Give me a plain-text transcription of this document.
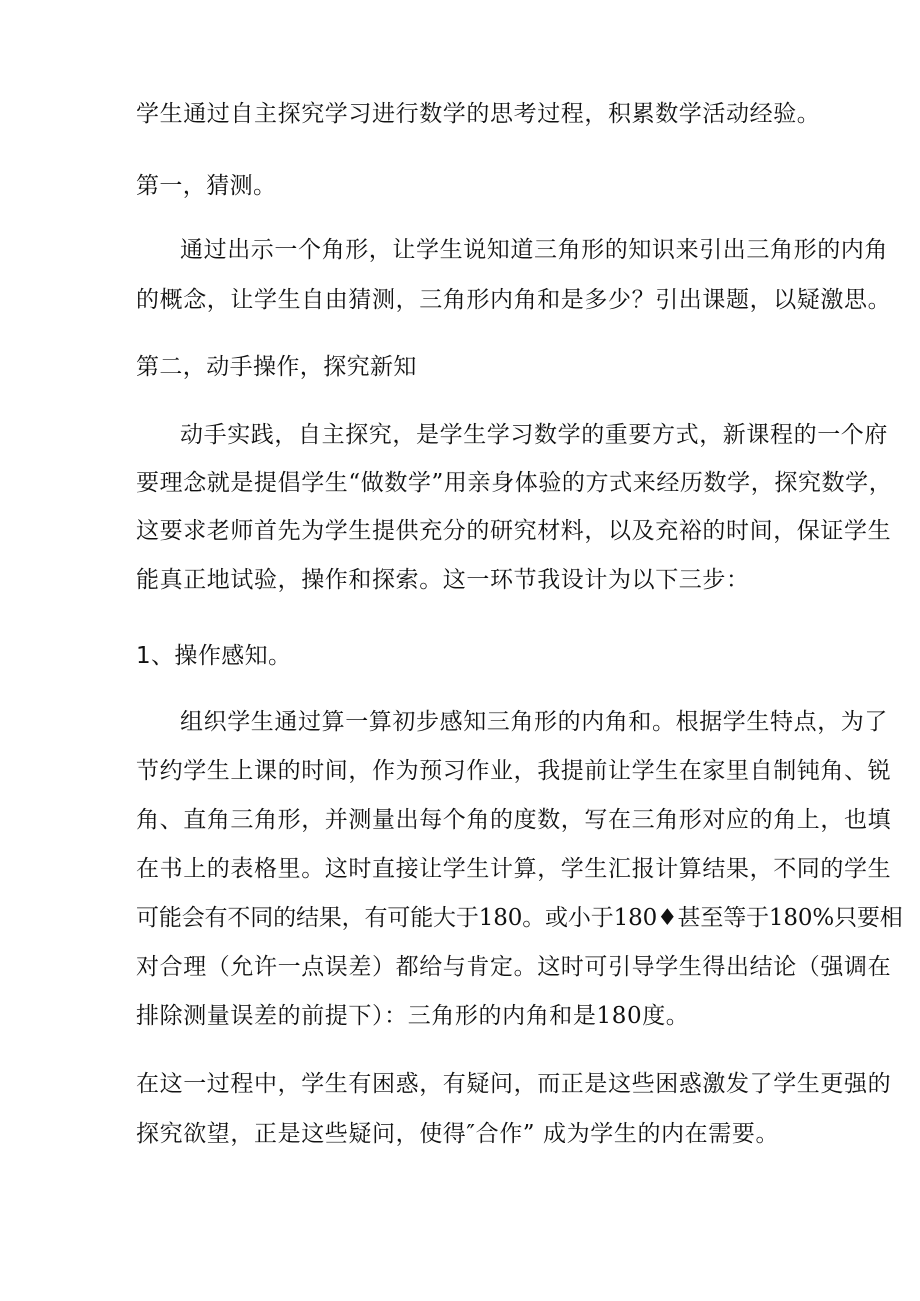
学生通过自主探究学习进行数学的思考过程，积累数学活动经验。
第一，猜测。
通过出示一个角形，让学生说知道三角形的知识来引出三角形的内角
的概念，让学生自由猜测，三角形内角和是多少？引出课题，以疑激思。
第二，动手操作，探究新知
动手实践，自主探究，是学生学习数学的重要方式，新课程的一个府
要理念就是提倡学生“做数学”用亲身体验的方式来经历数学，探究数学，
这要求老师首先为学生提供充分的研究材料，以及充裕的时间，保证学生
能真正地试验，操作和探索。这一环节我设计为以下三步：
1、操作感知。
组织学生通过算一算初步感知三角形的内角和。根据学生特点，为了
节约学生上课的时间，作为预习作业，我提前让学生在家里自制钝角、锐
角、直角三角形，并测量出每个角的度数，写在三角形对应的角上，也填
在书上的表格里。这时直接让学生计算，学生汇报计算结果，不同的学生
可能会有不同的结果，有可能大于180。或小于180♦甚至等于180%只要相
对合理（允许一点误差）都给与肯定。这时可引导学生得出结论（强调在
排除测量误差的前提下）：三角形的内角和是180度。
在这一过程中，学生有困惑，有疑问，而正是这些困惑激发了学生更强的
探究欲望，正是这些疑问，使得″合作” 成为学生的内在需要。
